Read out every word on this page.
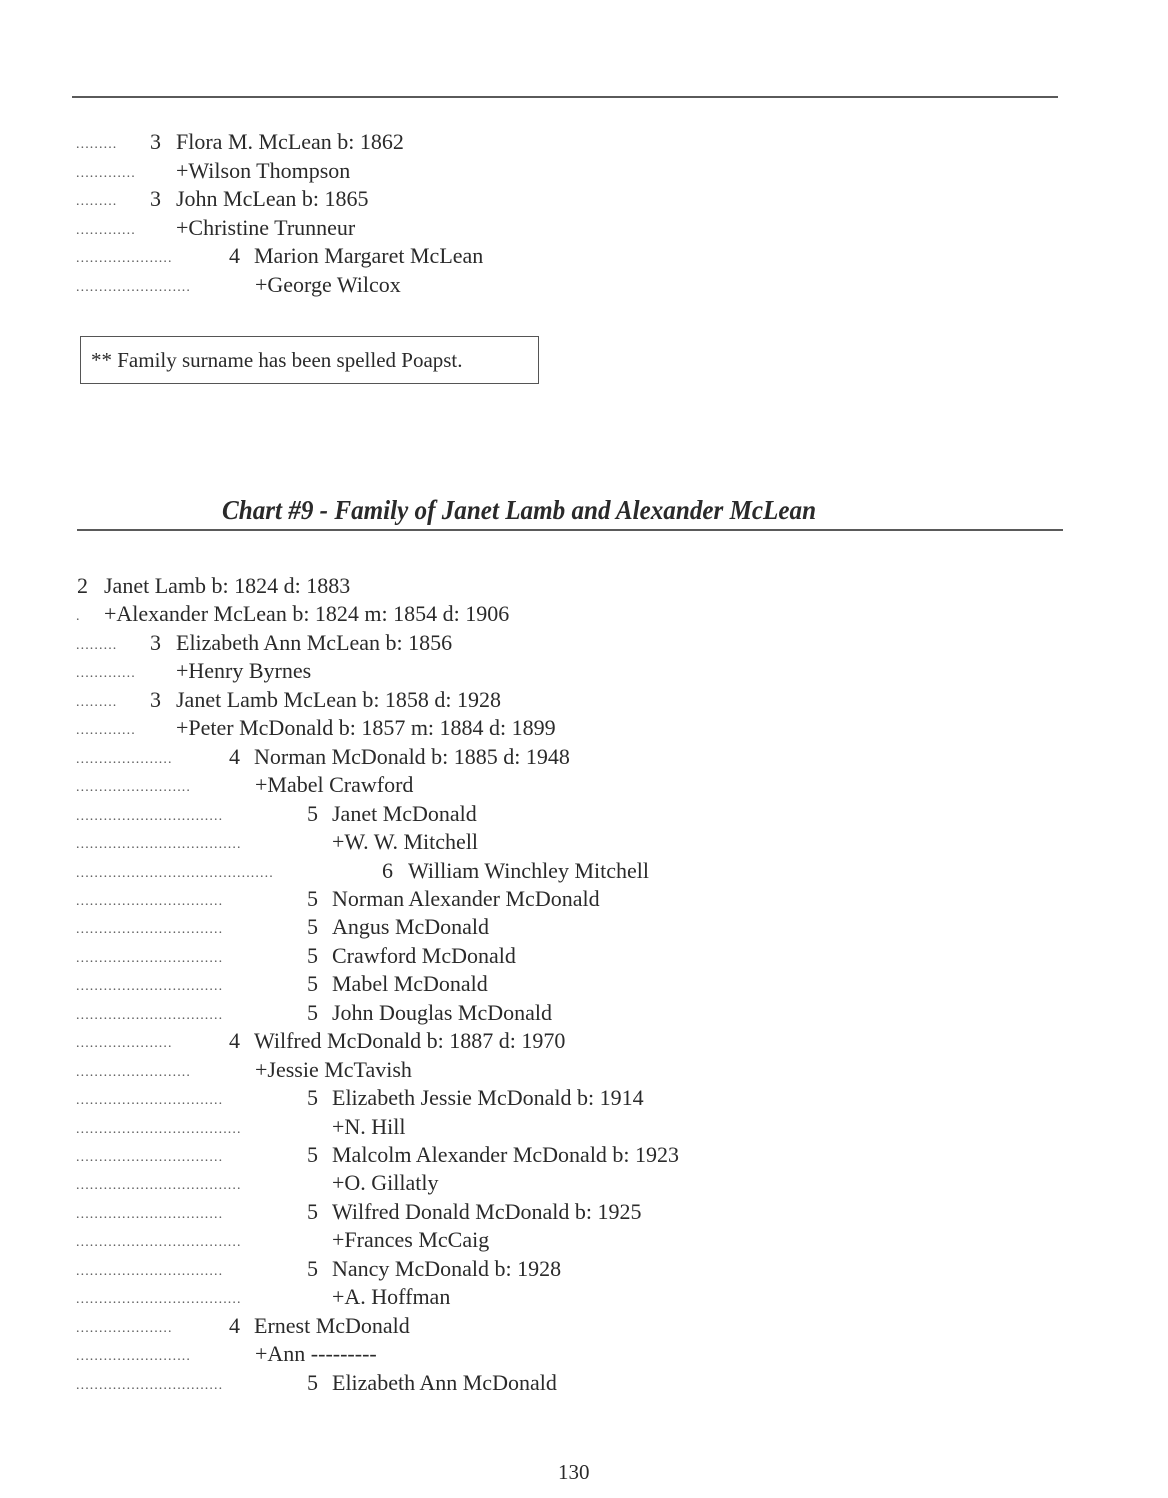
.........	3 Flora M. McLean b: 1862
.............	+Wilson Thompson
.........	3 John McLean b: 1865
.............	+Christine Trunneur
.....................	4 Marion Margaret McLean
.........................	+George Wilcox
** Family surname has been spelled Poapst.
Chart #9 - Family of Janet Lamb and Alexander McLean
2 Janet Lamb b: 1824 d: 1883
. +Alexander McLean b: 1824 m: 1854 d: 1906
.........	3 Elizabeth Ann McLean b: 1856
.............	+Henry Byrnes
.........	3 Janet Lamb McLean b: 1858 d: 1928
.............	+Peter McDonald b: 1857 m: 1884 d: 1899
.....................	4 Norman McDonald b: 1885 d: 1948
.........................	+Mabel Crawford
................................	5 Janet McDonald
....................................	+W. W. Mitchell
...........................................	6 William Winchley Mitchell
................................	5 Norman Alexander McDonald
................................	5 Angus McDonald
................................	5 Crawford McDonald
................................	5 Mabel McDonald
................................	5 John Douglas McDonald
.....................	4 Wilfred McDonald b: 1887 d: 1970
.........................	+Jessie McTavish
................................	5 Elizabeth Jessie McDonald b: 1914
....................................	+N. Hill
................................	5 Malcolm Alexander McDonald b: 1923
....................................	+O. Gillatly
................................	5 Wilfred Donald McDonald b: 1925
....................................	+Frances McCaig
................................	5 Nancy McDonald b: 1928
....................................	+A. Hoffman
.....................	4 Ernest McDonald
.........................	+Ann ---------
................................	5 Elizabeth Ann McDonald
130
